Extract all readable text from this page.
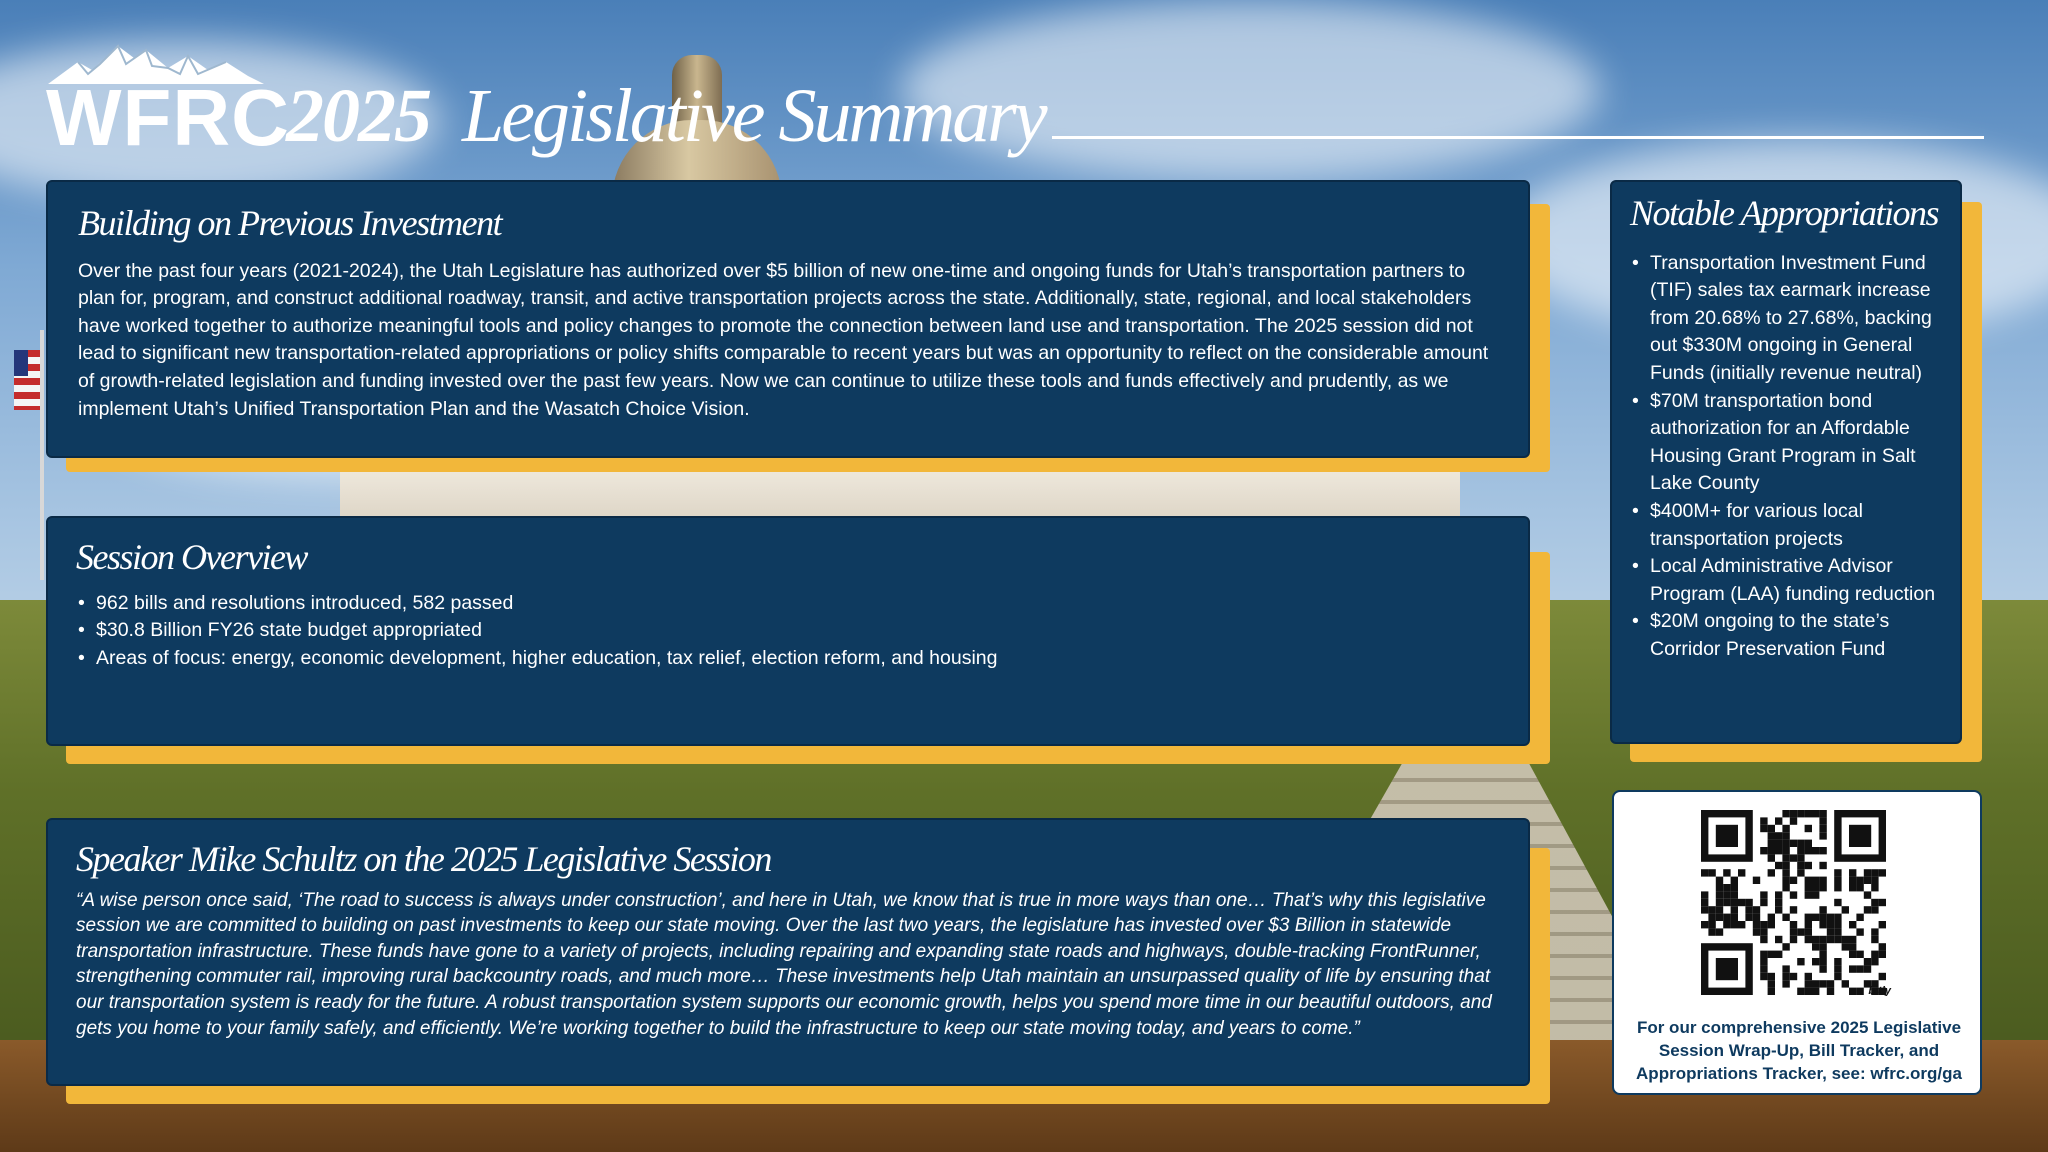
WFRC
2025 Legislative Summary
Building on Previous Investment
Over the past four years (2021-2024), the Utah Legislature has authorized over $5 billion of new one-time and ongoing funds for Utah’s transportation partners to plan for, program, and construct additional roadway, transit, and active transportation projects across the state. Additionally, state, regional, and local stakeholders have worked together to authorize meaningful tools and policy changes to promote the connection between land use and transportation. The 2025 session did not lead to significant new transportation-related appropriations or policy shifts comparable to recent years but was an opportunity to reflect on the considerable amount of growth-related legislation and funding invested over the past few years. Now we can continue to utilize these tools and funds effectively and prudently, as we implement Utah’s Unified Transportation Plan and the Wasatch Choice Vision.
Session Overview
• 962 bills and resolutions introduced, 582 passed
• $30.8 Billion FY26 state budget appropriated
• Areas of focus: energy, economic development, higher education, tax relief, election reform, and housing
Speaker Mike Schultz on the 2025 Legislative Session
“A wise person once said, ‘The road to success is always under construction’, and here in Utah, we know that is true in more ways than one… That’s why this legislative session we are committed to building on past investments to keep our state moving. Over the last two years, the legislature has invested over $3 Billion in statewide transportation infrastructure. These funds have gone to a variety of projects, including repairing and expanding state roads and highways, double-tracking FrontRunner, strengthening commuter rail, improving rural backcountry roads, and much more… These investments help Utah maintain an unsurpassed quality of life by ensuring that our transportation system is ready for the future. A robust transportation system supports our economic growth, helps you spend more time in our beautiful outdoors, and gets you home to your family safely, and efficiently. We’re working together to build the infrastructure to keep our state moving today, and years to come.”
Notable Appropriations
• Transportation Investment Fund (TIF) sales tax earmark increase from 20.68% to 27.68%, backing out $330M ongoing in General Funds (initially revenue neutral)
• $70M transportation bond authorization for an Affordable Housing Grant Program in Salt Lake County
• $400M+ for various local transportation projects
• Local Administrative Advisor Program (LAA) funding reduction
• $20M ongoing to the state’s Corridor Preservation Fund
bitly
For our comprehensive 2025 Legislative Session Wrap-Up, Bill Tracker, and Appropriations Tracker, see: wfrc.org/ga
